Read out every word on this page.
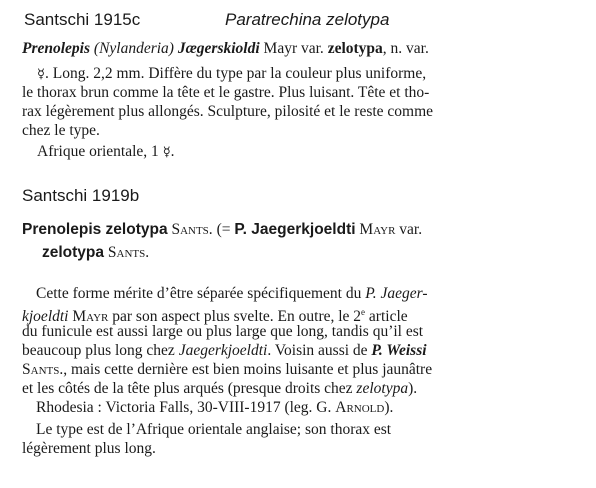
Santschi 1915c	Paratrechina zelotypa
Prenolepis (Nylanderia) Jægerskioldi Mayr var. zelotypa, n. var.
☿. Long. 2,2 mm. Diffère du type par la couleur plus uniforme,
le thorax brun comme la tête et le gastre. Plus luisant. Tête et tho-
rax légèrement plus allongés. Sculpture, pilosité et le reste comme
chez le type.
Afrique orientale, 1 ☿.
Santschi 1919b
Prenolepis zelotypa Sants. (= P. Jaegerkjoeldti Mayr var.
zelotypa Sants.
Cette forme mérite d’être séparée spécifiquement du P. Jaeger-
kjoeldti Mayr par son aspect plus svelte. En outre, le 2e article
du funicule est aussi large ou plus large que long, tandis qu’il est
beaucoup plus long chez Jaegerkjoeldti. Voisin aussi de P. Weissi
Sants., mais cette dernière est bien moins luisante et plus jaunâtre
et les côtés de la tête plus arqués (presque droits chez zelotypa).
Rhodesia : Victoria Falls, 30-VIII-1917 (leg. G. Arnold).
Le type est de l’Afrique orientale anglaise; son thorax est
légèrement plus long.
